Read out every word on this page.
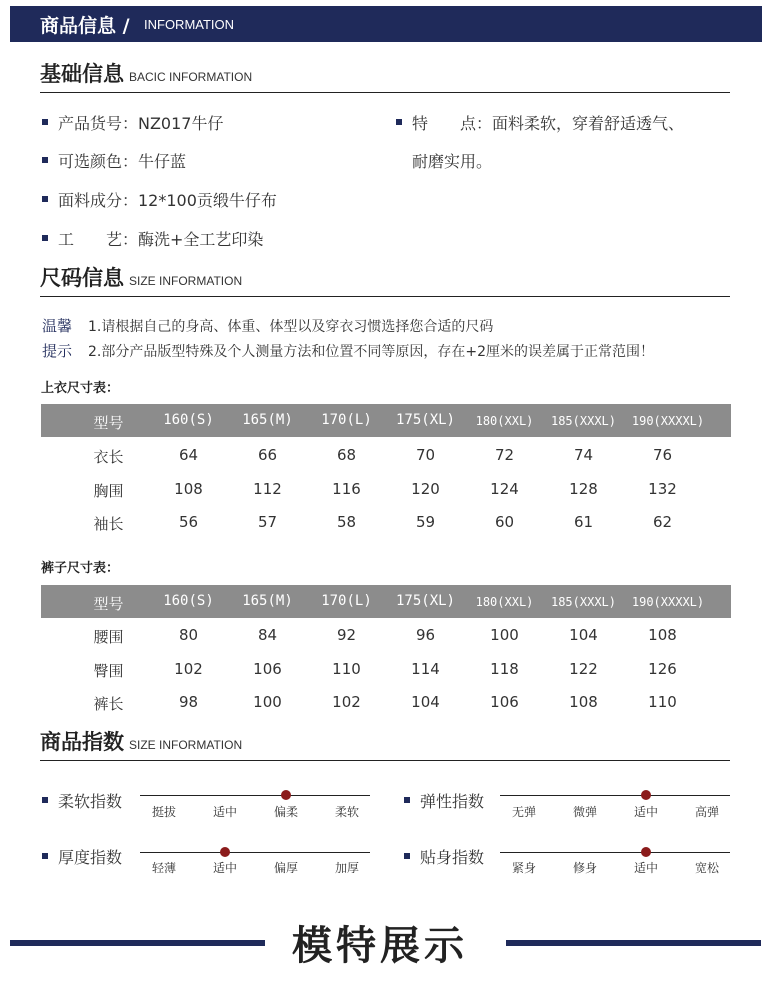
商品信息 / INFORMATION
基础信息 BACIC INFORMATION
产品货号：NZ017牛仔
可选颜色：牛仔蓝
面料成分：12*100贡缎牛仔布
工　　艺：酶洗+全工艺印染
特　　点：面料柔软，穿着舒适透气、
耐磨实用。
尺码信息 SIZE INFORMATION
温馨
提示
1.请根据自己的身高、体重、体型以及穿衣习惯选择您合适的尺码
2.部分产品版型特殊及个人测量方法和位置不同等原因，存在+2厘米的误差属于正常范围！
上衣尺寸表：
型号	160(S)	165(M)	170(L)	175(XL)	180(XXL)	185(XXXL)	190(XXXXL)
衣长	64	66	68	70	72	74	76
胸围	108	112	116	120	124	128	132
袖长	56	57	58	59	60	61	62
裤子尺寸表：
型号	160(S)	165(M)	170(L)	175(XL)	180(XXL)	185(XXXL)	190(XXXXL)
腰围	80	84	92	96	100	104	108
臀围	102	106	110	114	118	122	126
裤长	98	100	102	104	106	108	110
商品指数 SIZE INFORMATION
柔软指数
挺拔	适中	偏柔	柔软
弹性指数
无弹	微弹	适中	高弹
厚度指数
轻薄	适中	偏厚	加厚
贴身指数
紧身	修身	适中	宽松
模特展示
